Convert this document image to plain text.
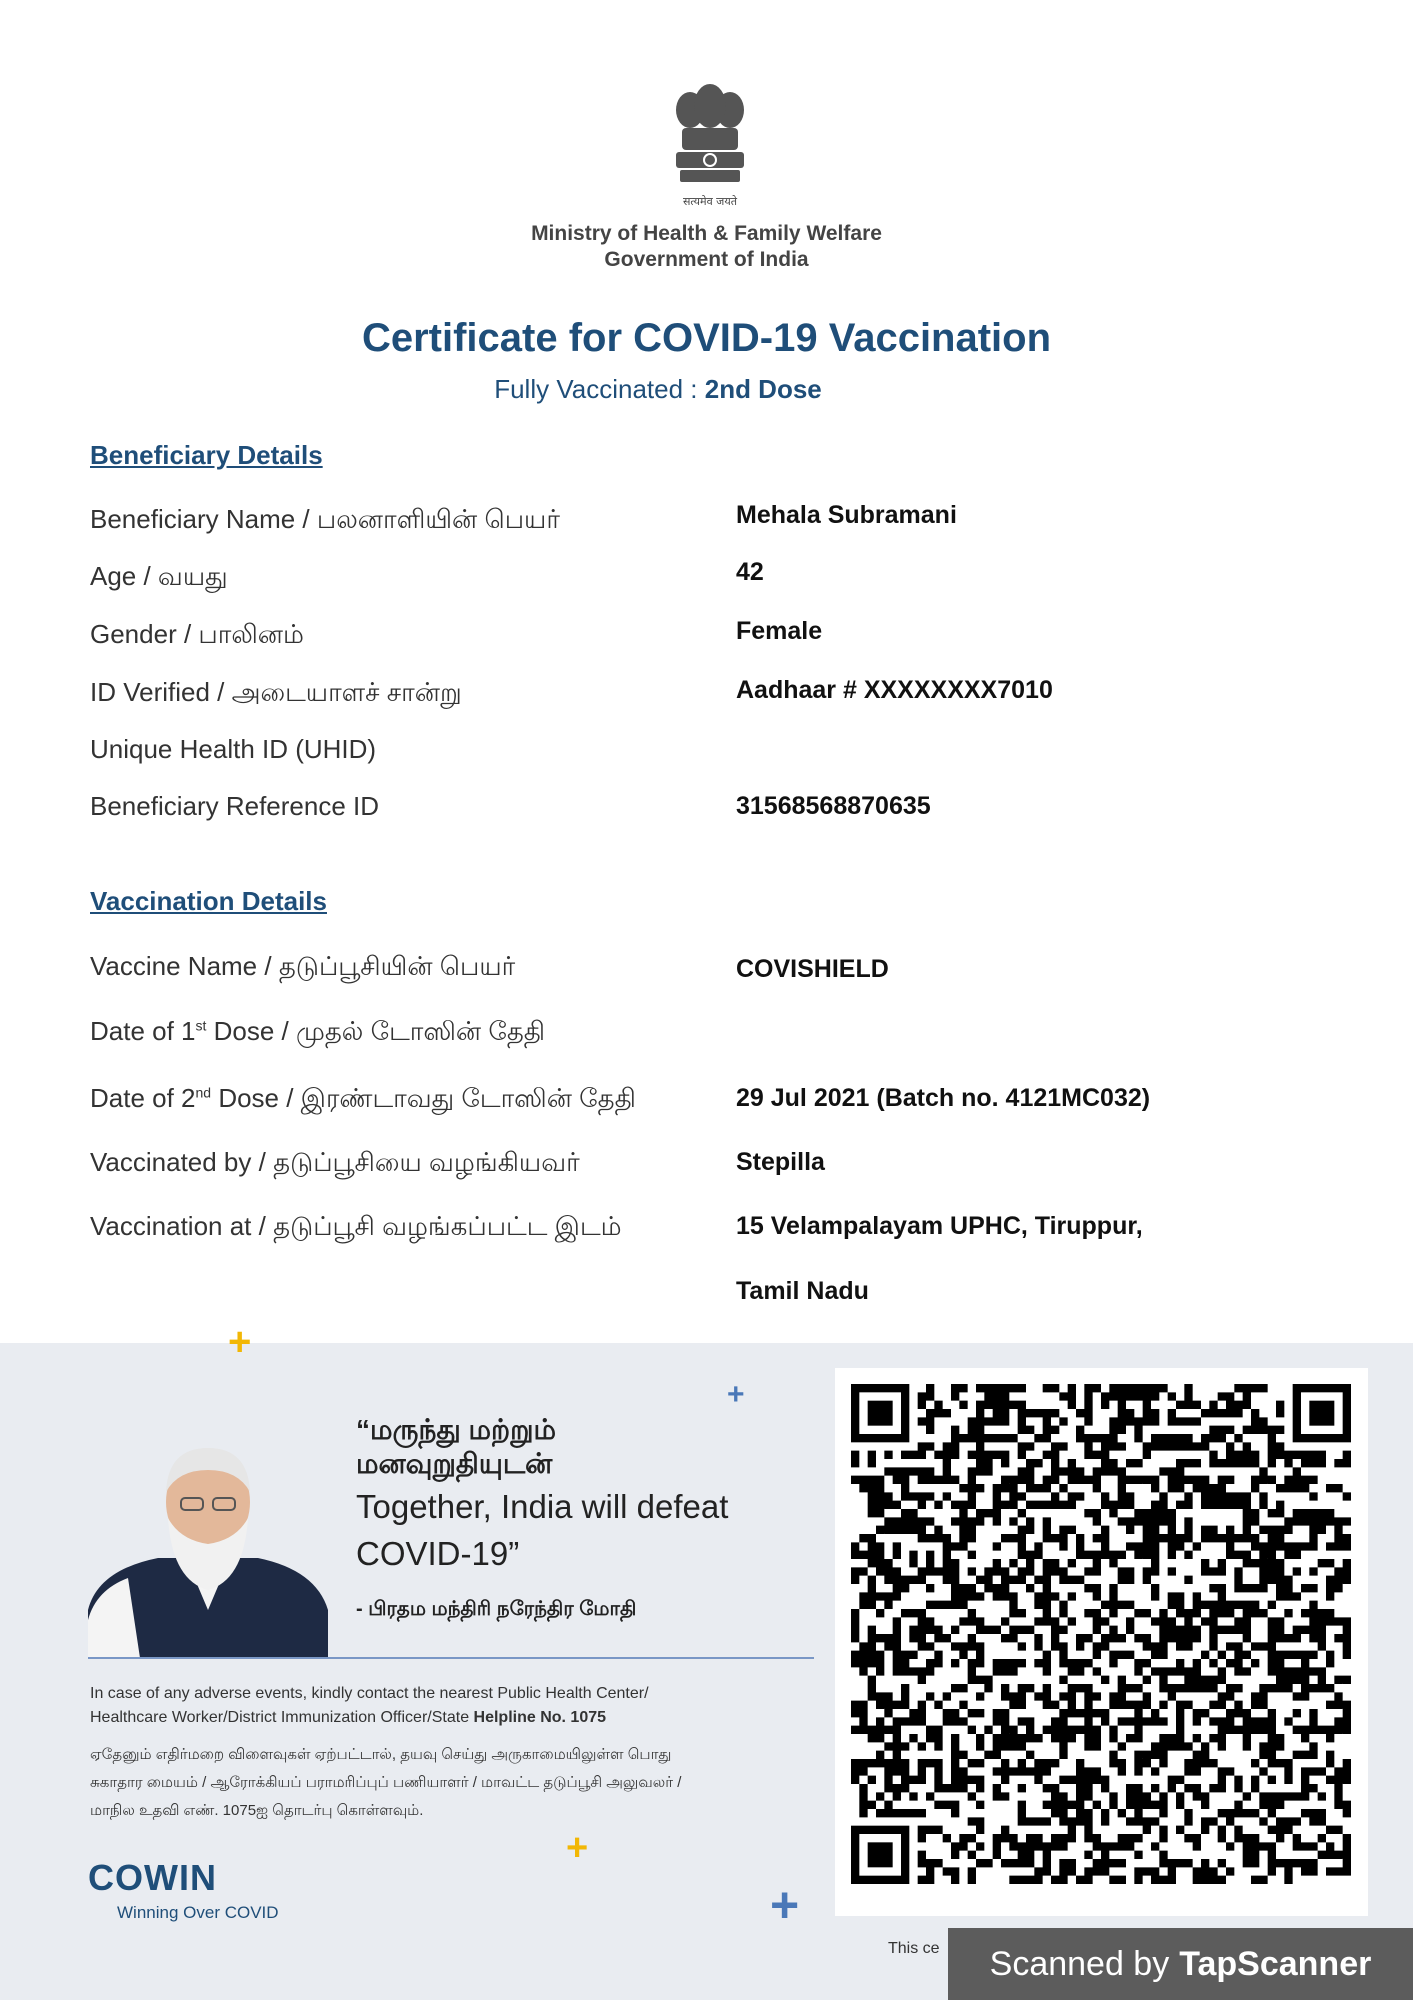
सत्यमेव जयते
Ministry of Health & Family Welfare
Government of India
Certificate for COVID-19 Vaccination
Fully Vaccinated : 2nd Dose
Beneficiary Details
Beneficiary Name / பலனாளியின் பெயர்	Mehala Subramani
Age / வயது	42
Gender / பாலினம்	Female
ID Verified / அடையாளச் சான்று	Aadhaar # XXXXXXXX7010
Unique Health ID (UHID)
Beneficiary Reference ID	31568568870635
Vaccination Details
Vaccine Name / தடுப்பூசியின் பெயர்	COVISHIELD
Date of 1st Dose / முதல் டோஸின் தேதி
Date of 2nd Dose / இரண்டாவது டோஸின் தேதி	29 Jul 2021 (Batch no. 4121MC032)
Vaccinated by / தடுப்பூசியை வழங்கியவர்	Stepilla
Vaccination at / தடுப்பூசி வழங்கப்பட்ட இடம்	15 Velampalayam UPHC, Tiruppur,
Tamil Nadu
+
+
+
+
“மருந்து மற்றும்
மனவுறுதியுடன்
Together, India will defeat COVID-19”
- பிரதம மந்திரி நரேந்திர மோதி
In case of any adverse events, kindly contact the nearest Public Health Center/
Healthcare Worker/District Immunization Officer/State Helpline No. 1075
ஏதேனும் எதிர்மறை விளைவுகள் ஏற்பட்டால், தயவு செய்து அருகாமையிலுள்ள பொது
சுகாதார மையம் / ஆரோக்கியப் பராமரிப்புப் பணியாளர் / மாவட்ட தடுப்பூசி அலுவலர் /
மாநில உதவி எண். 1075ஐ தொடர்பு கொள்ளவும்.
COWIN
Winning Over COVID
This ce Scanned by TapScanner
